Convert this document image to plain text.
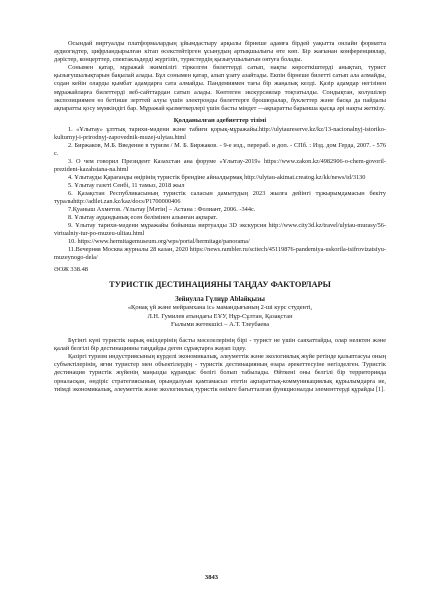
Осындай виртуалды платформалардың ұйымдастыру арқылы бірнеше адамға бірдей уақытта онлайн форматта аудиогидтер, цифрландырылған кітап өсекстейтірген ұсынудың артықшылығы өте көп. Бір жағынан конференциялар, дәрістер, концерттер, спектакльдерді жүргізіп, туристердің қызығушылығын оятуға болады.

Сонымен қатар, мұражай экимпілігі тіркелген билеттерді сатып, нақты көрсеткіштерді анықтап, турист қызығушылықтарын бақылай алады. Бұл сонымен қатар, алып ұзату азайтады. Екпін бірнеше билетті сатып ала алмайды, содан кейін оларды қымбат адамдарға сата алмайды. Пандемиямен тағы бір жаңалық келді. Қазір адамдар негізінен мұражайларға билеттерді веб-сайттардан сатып алады. Көптеген экскурсиялар тоқтатылды. Сондықтан, колушілер экспозициямен өз бетінше зерттей алуы үшін электронды билеттерге брошюралар, буклеттер және басқа да пайдалы ақпаратты қосу мүмкіндігі бар. Мұражай қызметкерлері үшін басты міндет —ақпаратты барынша қысқа әрі нақты жеткізу.

Қолданылған әдебиеттер тізімі
1. «Ұлытау» ұлттық тарихи-мәдени және табиғи қорық-мұражайы.http://ulytaureserve.kz/kz/13-nacionalnyj-istoriko-kulturnyj-i-prirodnyj-zapovednik-muzej-ulytau.html
2. Биржаков, М.Б. Введение в туризм / М. Б. Биржаков. - 9-е изд., перераб. и доп. - СПб. : Изд. дом Герда, 2007. - 576 с.
3. О чем говорил Президент Казахстан ана форуме «Ұлытау-2019» https://www.zakon.kz/4982906-o-chem-govoril-prezident-kazahstana-na.html
4. Ұлытауды Қарағанды өңірінің туристік брендіне айналдырмақ http://ulytau-akimat.creatog.kz/kk/news/id/3130
5. Ұлытау газеті Сенбі, 11 тамыз, 2018 жыл
6. Қазақстан Республикасының туристік саласын дамытудың 2023 жылға дейінгі тұжырымдамасын бекіту туралыhttp://adilet.zan.kz/kaz/docs/P1700000406
7.Қуаныш Ахметов. /Ұлытау [Мәтін] – Астана : Фолиант, 2006. -344с.
8. Ұлытау аудандынық есен белімінен алынған ақпарат.
9. Ұлытау тарихи-мәдени мұражайы бойынша виртуалды 3D экскурсия http://www.city3d.kz/travel/ulytau-murasy/56-virtualniy-tur-po-muzeu-ulitau.html
10. https://www.hermitagemuseum.org/wps/portal/hermitage/panorama/
11.Вечерняя Москва журналы 28 казан, 2020 https://news.rambler.ru/scitech/45119876-pandemiya-uskorila-tsifrovizatsiyu-muzeynogo-dela/
ӘОЖ 338.48
ТУРИСТІК ДЕСТИНАЦИЯНЫ ТАҢДАУ ФАКТОРЛАРЫ
Зейнулла Гүлнұр Ablaйқызы
«Қонақ үй және мейрамхана іс» мамандығының 2-ші курс студенті,
Л.Н. Гумилев атындағы ЕҰУ, Нұр-Сұлтан, Қазақстан
Ғылыми жетекшісі – А.Т. Тлеубаева

Бүгінгі күні туристік нарық өкілдерінің басты мәселелерінің бірі - турист не үшін саяхаттайды, олар нелктен және қалай белгілі бір дестинацияны таңдайды деген сұрақтарға жауап іздеу.

Қазіргі туризм индустриясының күрделі экономикалық, әлеуметтік және экологиялық жүйе ретінде қалыптасуы оның субъектілерінің, яғни туристер мен объектілердің - туристік дестинацияның өзара әрекеттесуіне негізделген. Туристік дестинация туристік жүйенің маңызды құрамдас бөлігі болып табылады. Өйткені оны белгілі бір территорияда орналасқан, өндіріс стратегиясының орындалуын қамтамасыз ететін ақпараттық-коммуникациялық құрылымдарға ие, тиімді экономикалық, әлеуметтік және экологиялық туристік өнімге бағытталған функционалды элементтерді құрайды [1].

3843
